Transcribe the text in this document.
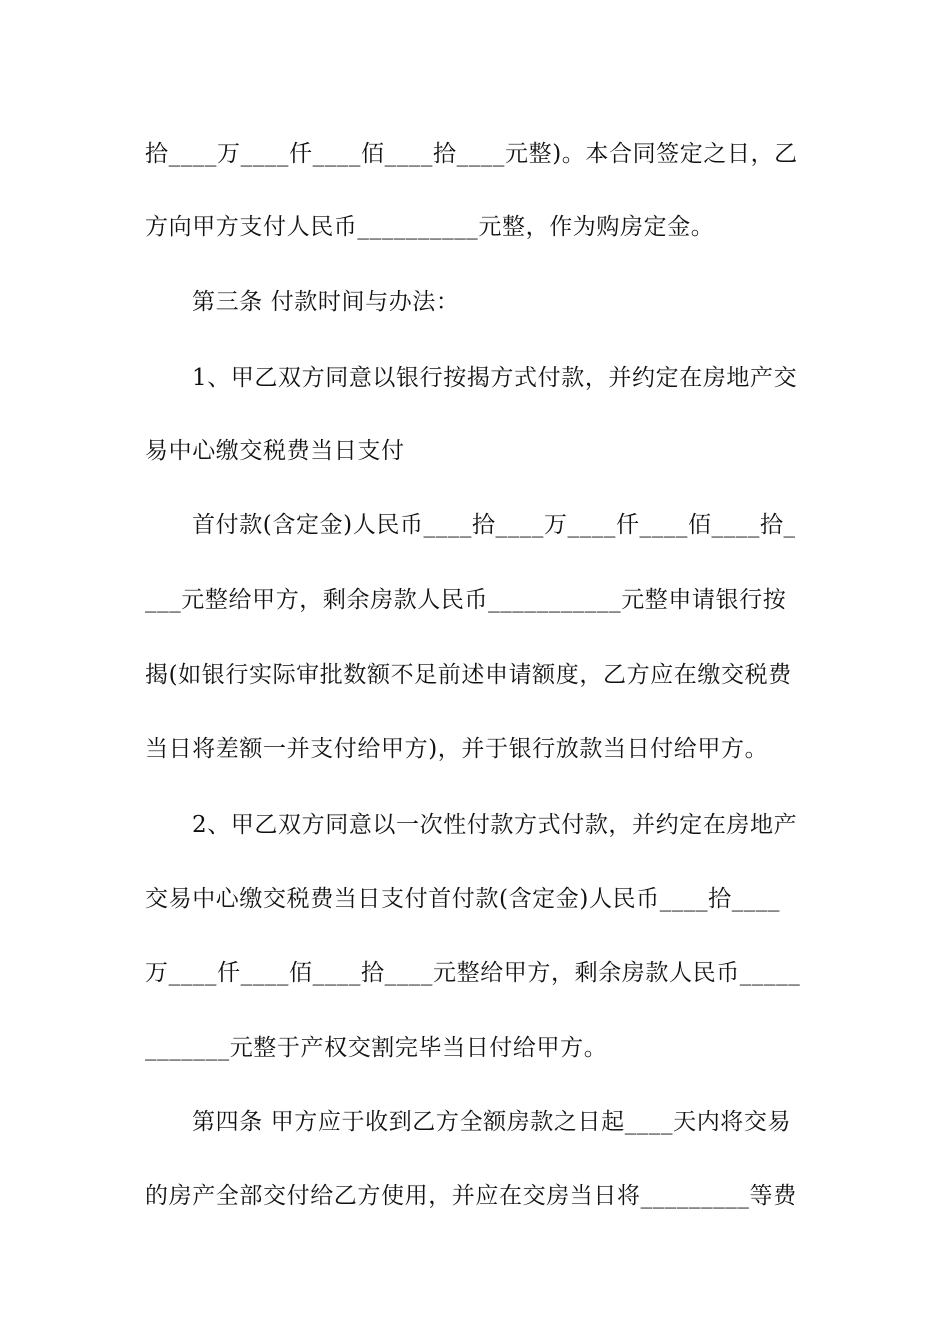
拾____万____仟____佰____拾____元整)。本合同签定之日，乙
方向甲方支付人民币__________元整，作为购房定金。
第三条 付款时间与办法：
1、甲乙双方同意以银行按揭方式付款，并约定在房地产交
易中心缴交税费当日支付
首付款(含定金)人民币____拾____万____仟____佰____拾_
___元整给甲方，剩余房款人民币___________元整申请银行按
揭(如银行实际审批数额不足前述申请额度，乙方应在缴交税费
当日将差额一并支付给甲方)，并于银行放款当日付给甲方。
2、甲乙双方同意以一次性付款方式付款，并约定在房地产
交易中心缴交税费当日支付首付款(含定金)人民币____拾____
万____仟____佰____拾____元整给甲方，剩余房款人民币_____
_______元整于产权交割完毕当日付给甲方。
第四条 甲方应于收到乙方全额房款之日起____天内将交易
的房产全部交付给乙方使用，并应在交房当日将_________等费
